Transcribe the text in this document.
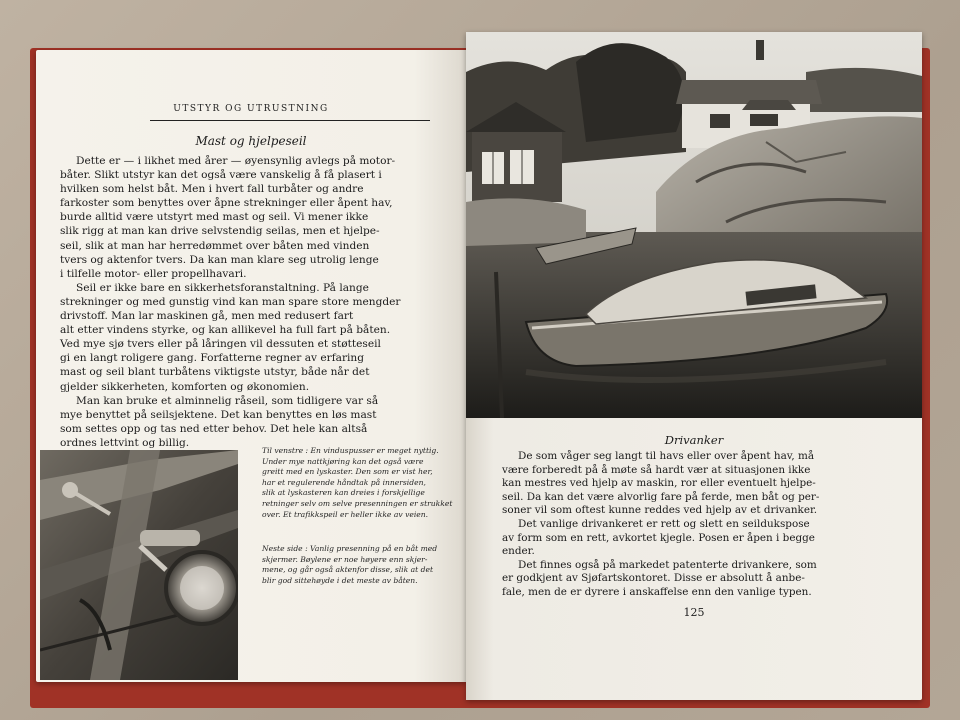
UTSTYR OG UTRUSTNING
Mast og hjelpeseil
Dette er — i likhet med årer — øyensynlig avlegs på motor-
båter. Slikt utstyr kan det også være vanskelig å få plasert i
hvilken som helst båt. Men i hvert fall turbåter og andre
farkoster som benyttes over åpne strekninger eller åpent hav,
burde alltid være utstyrt med mast og seil. Vi mener ikke
slik rigg at man kan drive selvstendig seilas, men et hjelpe-
seil, slik at man har herredømmet over båten med vinden
tvers og aktenfor tvers. Da kan man klare seg utrolig lenge
i tilfelle motor- eller propellhavari.
Seil er ikke bare en sikkerhetsforanstaltning. På lange
strekninger og med gunstig vind kan man spare store mengder
drivstoff. Man lar maskinen gå, men med redusert fart
alt etter vindens styrke, og kan allikevel ha full fart på båten.
Ved mye sjø tvers eller på låringen vil dessuten et støtteseil
gi en langt roligere gang. Forfatterne regner av erfaring
mast og seil blant turbåtens viktigste utstyr, både når det
gjelder sikkerheten, komforten og økonomien.
Man kan bruke et alminnelig råseil, som tidligere var så
mye benyttet på seilsjektene. Det kan benyttes en løs mast
som settes opp og tas ned etter behov. Det hele kan altså
ordnes lettvint og billig.
Til venstre : En vinduspusser er meget nyttig.
Under mye nattkjøring kan det også være
greitt med en lyskaster. Den som er vist her,
har et regulerende håndtak på innersiden,
slik at lyskasteren kan dreies i forskjellige
retninger selv om selve presenningen er strukket
over. Et trafikkspeil er heller ikke av veien.
Neste side : Vanlig presenning på en båt med
skjermer. Bøylene er noe høyere enn skjer-
mene, og går også aktenfor disse, slik at det
blir god sittehøyde i det meste av båten.
Drivanker
De som våger seg langt til havs eller over åpent hav, må
være forberedt på å møte så hardt vær at situasjonen ikke
kan mestres ved hjelp av maskin, ror eller eventuelt hjelpe-
seil. Da kan det være alvorlig fare på ferde, men båt og per-
soner vil som oftest kunne reddes ved hjelp av et drivanker.
Det vanlige drivankeret er rett og slett en seildukspose
av form som en rett, avkortet kjegle. Posen er åpen i begge
ender.
Det finnes også på markedet patenterte drivankere, som
er godkjent av Sjøfartskontoret. Disse er absolutt å anbe-
fale, men de er dyrere i anskaffelse enn den vanlige typen.
125
